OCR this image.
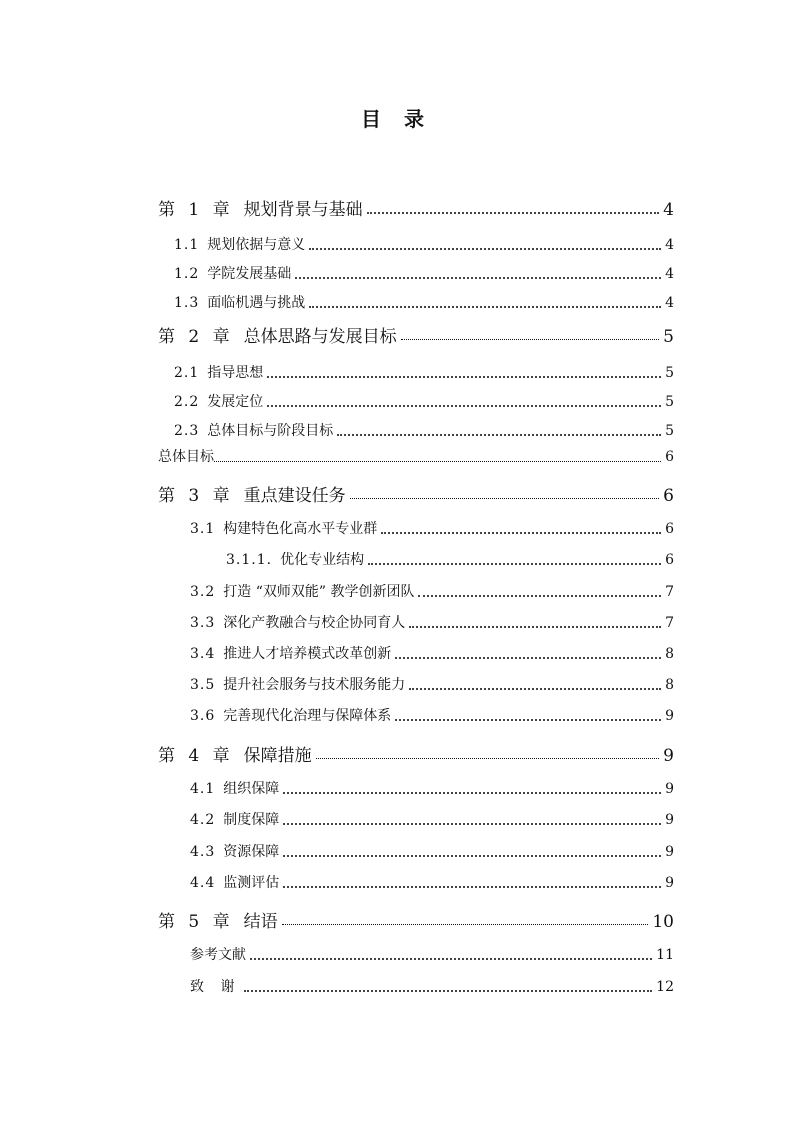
目 录
第 1 章 规划背景与基础	4
1.1 规划依据与意义	4
1.2 学院发展基础	4
1.3 面临机遇与挑战	4
第 2 章 总体思路与发展目标	5
2.1 指导思想	5
2.2 发展定位	5
2.3 总体目标与阶段目标	5
总体目标	6
第 3 章 重点建设任务	6
3.1 构建特色化高水平专业群	6
3.1.1. 优化专业结构	6
3.2 打造 “双师双能” 教学创新团队	7
3.3 深化产教融合与校企协同育人	7
3.4 推进人才培养模式改革创新	8
3.5 提升社会服务与技术服务能力	8
3.6 完善现代化治理与保障体系	9
第 4 章 保障措施	9
4.1 组织保障	9
4.2 制度保障	9
4.3 资源保障	9
4.4 监测评估	9
第 5 章 结语	10
参考文献	11
致 谢	12
